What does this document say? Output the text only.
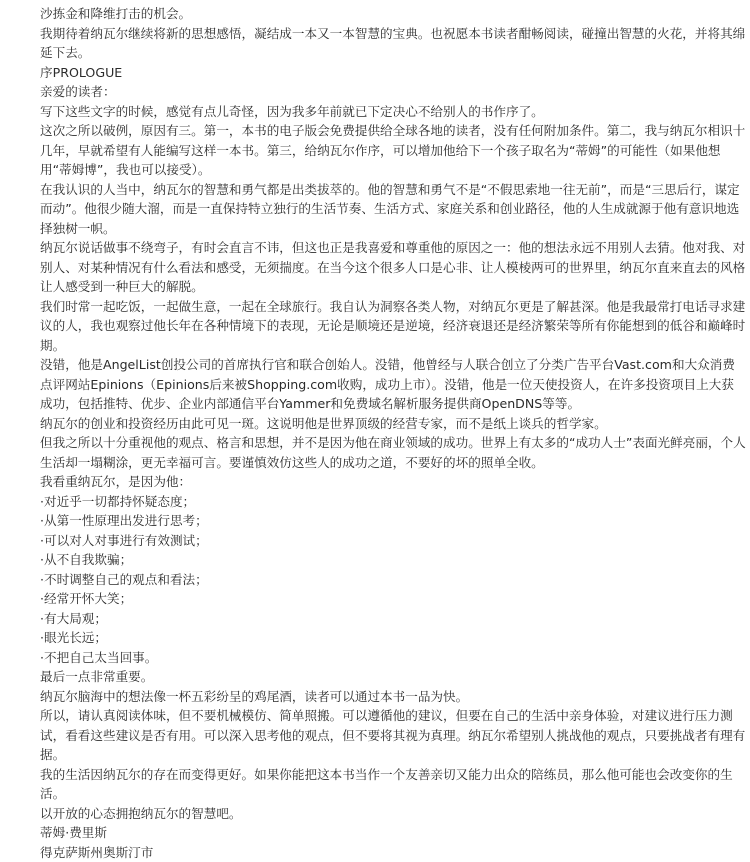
沙拣金和降维打击的机会。

我期待着纳瓦尔继续将新的思想感悟，凝结成一本又一本智慧的宝典。也祝愿本书读者酣畅阅读，碰撞出智慧的火花，并将其绵延下去。

序PROLOGUE

亲爱的读者：

写下这些文字的时候，感觉有点儿奇怪，因为我多年前就已下定决心不给别人的书作序了。

这次之所以破例，原因有三。第一，本书的电子版会免费提供给全球各地的读者，没有任何附加条件。第二，我与纳瓦尔相识十几年，早就希望有人能编写这样一本书。第三，给纳瓦尔作序，可以增加他给下一个孩子取名为“蒂姆”的可能性（如果他想用“蒂姆博”，我也可以接受）。

在我认识的人当中，纳瓦尔的智慧和勇气都是出类拔萃的。他的智慧和勇气不是“不假思索地一往无前”，而是“三思后行，谋定而动”。他很少随大溜，而是一直保持特立独行的生活节奏、生活方式、家庭关系和创业路径，他的人生成就源于他有意识地选择独树一帜。

纳瓦尔说话做事不绕弯子，有时会直言不讳，但这也正是我喜爱和尊重他的原因之一：他的想法永远不用别人去猜。他对我、对别人、对某种情况有什么看法和感受，无须揣度。在当今这个很多人口是心非、让人模棱两可的世界里，纳瓦尔直来直去的风格让人感受到一种巨大的解脱。

我们时常一起吃饭，一起做生意，一起在全球旅行。我自认为洞察各类人物，对纳瓦尔更是了解甚深。他是我最常打电话寻求建议的人，我也观察过他长年在各种情境下的表现，无论是顺境还是逆境，经济衰退还是经济繁荣等所有你能想到的低谷和巅峰时期。

没错，他是AngelList创投公司的首席执行官和联合创始人。没错，他曾经与人联合创立了分类广告平台Vast.com和大众消费点评网站Epinions（Epinions后来被Shopping.com收购，成功上市）。没错，他是一位天使投资人，在许多投资项目上大获成功，包括推特、优步、企业内部通信平台Yammer和免费域名解析服务提供商OpenDNS等等。

纳瓦尔的创业和投资经历由此可见一斑。这说明他是世界顶级的经营专家，而不是纸上谈兵的哲学家。

但我之所以十分重视他的观点、格言和思想，并不是因为他在商业领域的成功。世界上有太多的“成功人士”表面光鲜亮丽，个人生活却一塌糊涂，更无幸福可言。要谨慎效仿这些人的成功之道，不要好的坏的照单全收。

我看重纳瓦尔，是因为他：

·对近乎一切都持怀疑态度；

·从第一性原理出发进行思考；

·可以对人对事进行有效测试；

·从不自我欺骗；

·不时调整自己的观点和看法；

·经常开怀大笑；

·有大局观；

·眼光长远；

·不把自己太当回事。

最后一点非常重要。

纳瓦尔脑海中的想法像一杯五彩纷呈的鸡尾酒，读者可以通过本书一品为快。

所以，请认真阅读体味，但不要机械模仿、简单照搬。可以遵循他的建议，但要在自己的生活中亲身体验，对建议进行压力测试，看看这些建议是否有用。可以深入思考他的观点，但不要将其视为真理。纳瓦尔希望别人挑战他的观点，只要挑战者有理有据。

我的生活因纳瓦尔的存在而变得更好。如果你能把这本书当作一个友善亲切又能力出众的陪练员，那么他可能也会改变你的生活。

以开放的心态拥抱纳瓦尔的智慧吧。

蒂姆·费里斯

得克萨斯州奥斯汀市
